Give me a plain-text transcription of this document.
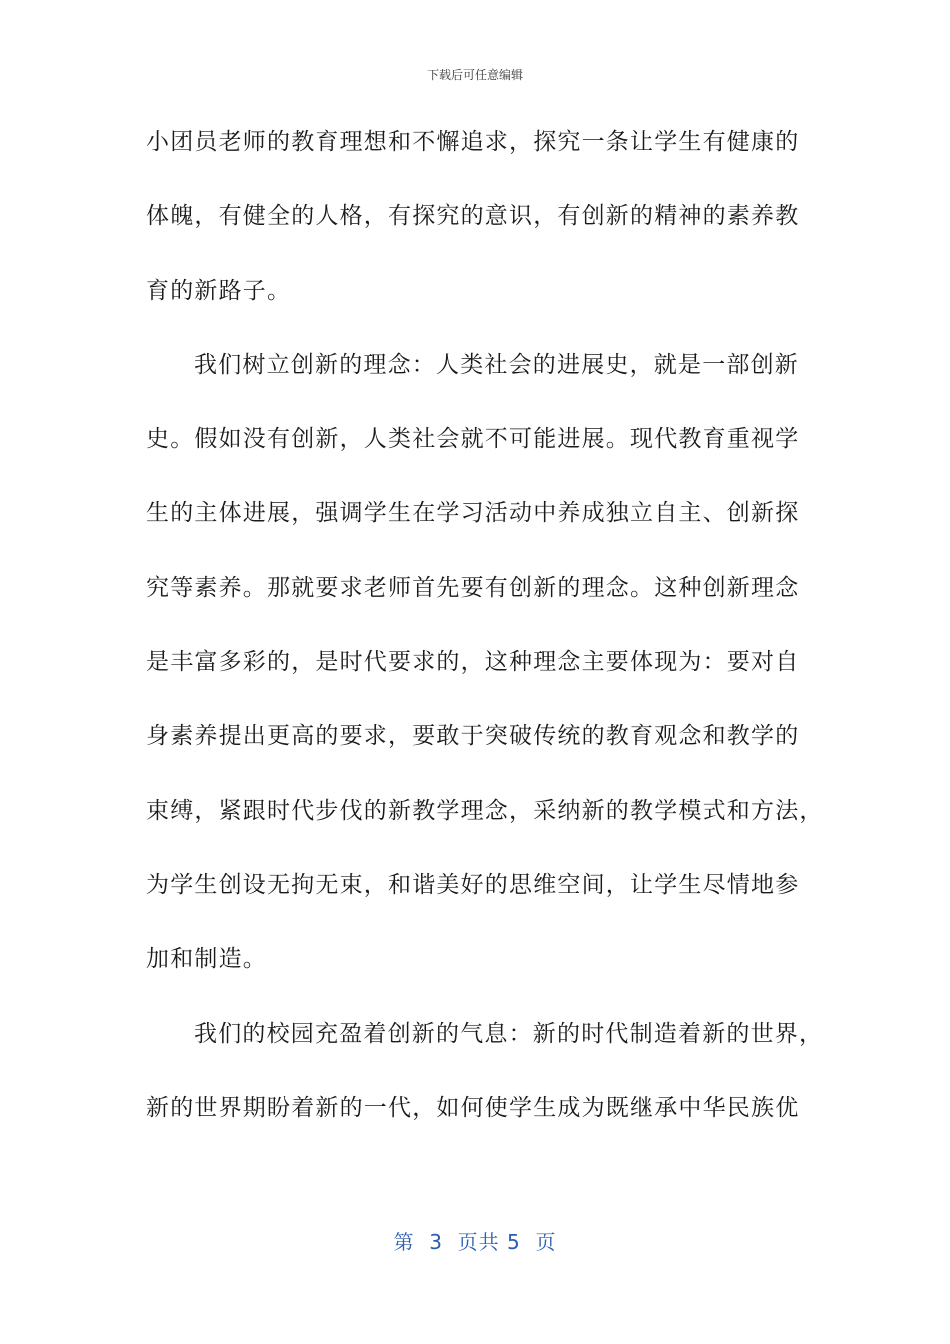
下载后可任意编辑
小团员老师的教育理想和不懈追求，探究一条让学生有健康的
体魄，有健全的人格，有探究的意识，有创新的精神的素养教
育的新路子。
我们树立创新的理念：人类社会的进展史，就是一部创新
史。假如没有创新，人类社会就不可能进展。现代教育重视学
生的主体进展，强调学生在学习活动中养成独立自主、创新探
究等素养。那就要求老师首先要有创新的理念。这种创新理念
是丰富多彩的，是时代要求的，这种理念主要体现为：要对自
身素养提出更高的要求，要敢于突破传统的教育观念和教学的
束缚，紧跟时代步伐的新教学理念，采纳新的教学模式和方法，
为学生创设无拘无束，和谐美好的思维空间，让学生尽情地参
加和制造。
我们的校园充盈着创新的气息：新的时代制造着新的世界，
新的世界期盼着新的一代，如何使学生成为既继承中华民族优
第  3  页共 5  页
